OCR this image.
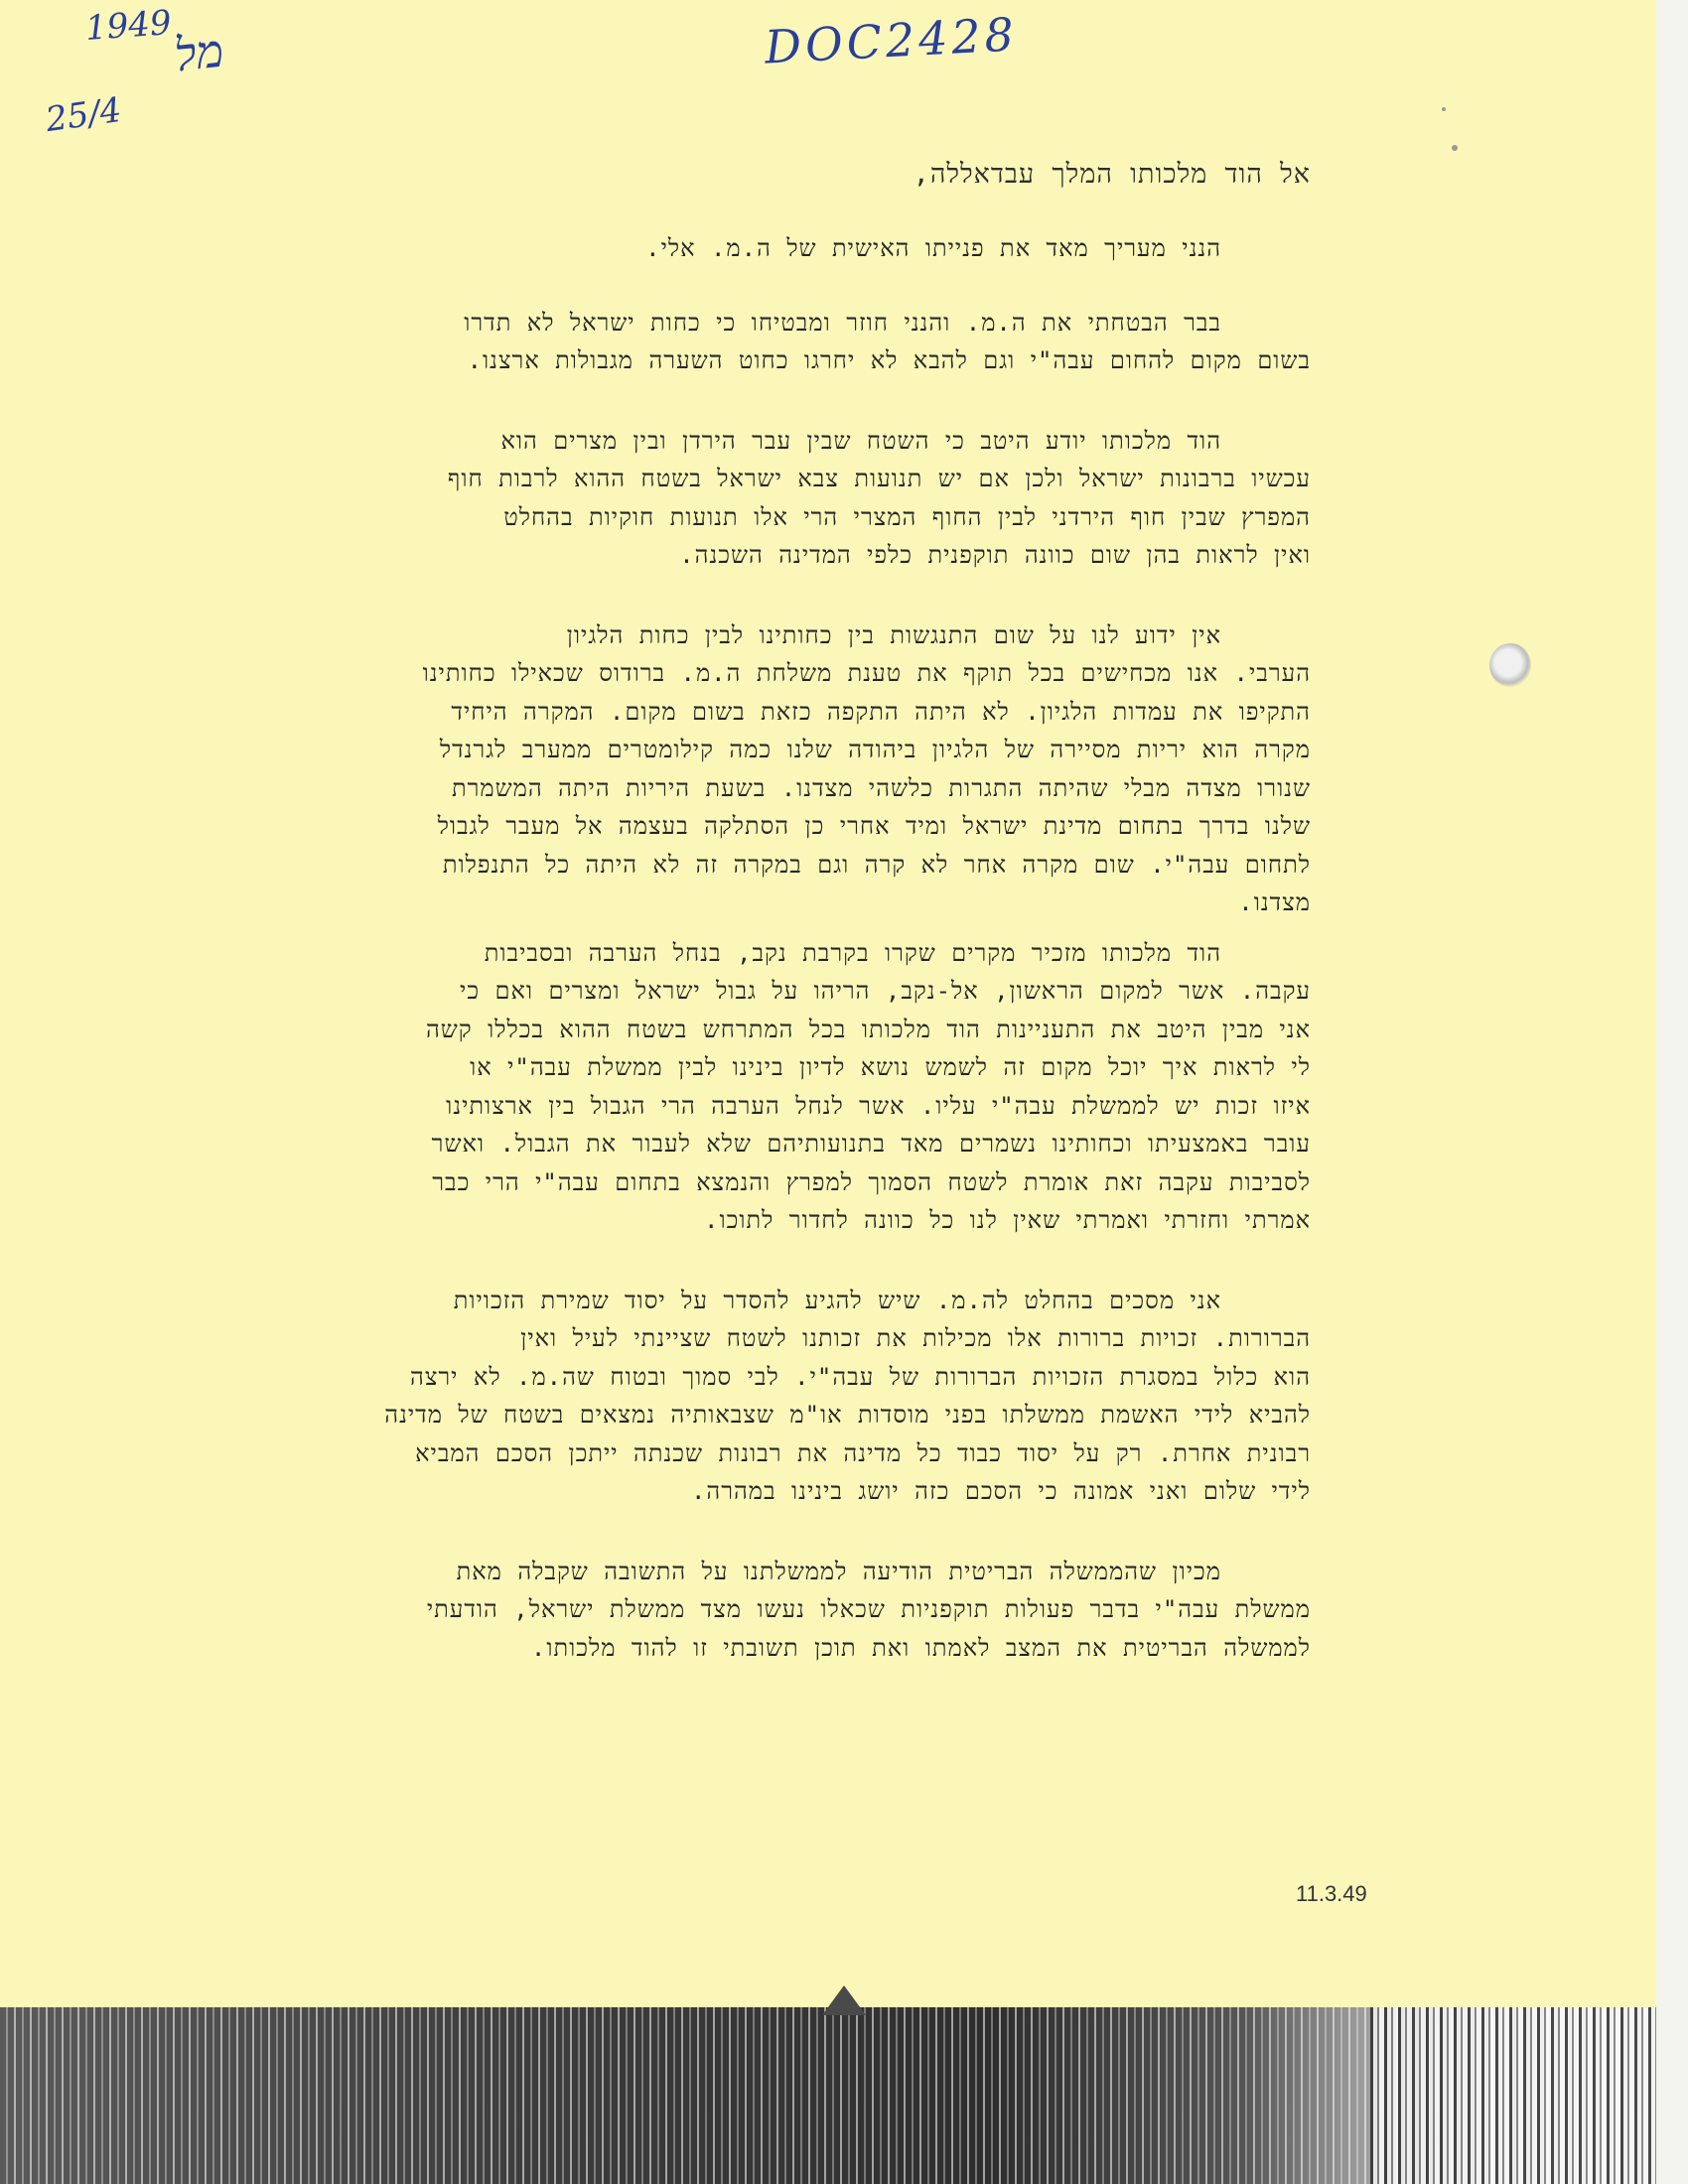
DOC2428
1949
25/4
מל
אל הוד מלכותו המלך עבדאללה,
הנני מעריך מאד את פנייתו האישית של ה.מ. אלי.

בבר הבטחתי את ה.מ. והנני חוזר ומבטיחו כי כחות ישראל לא תדרו

בשום מקום להחום עבה"י וגם להבא לא יחרגו כחוט השערה מגבולות ארצנו.

הוד מלכותו יודע היטב כי השטח שבין עבר הירדן ובין מצרים הוא

עכשיו ברבונות ישראל ולכן אם יש תנועות צבא ישראל בשטח ההוא לרבות חוף

המפרץ שבין חוף הירדני לבין החוף המצרי הרי אלו תנועות חוקיות בהחלט

ואין לראות בהן שום כוונה תוקפנית כלפי המדינה השכנה.

אין ידוע לנו על שום התנגשות בין כחותינו לבין כחות הלגיון

הערבי. אנו מכחישים בכל תוקף את טענת משלחת ה.מ. ברודוס שכאילו כחותינו

התקיפו את עמדות הלגיון. לא היתה התקפה כזאת בשום מקום. המקרה היחיד

מקרה הוא יריות מסיירה של הלגיון ביהודה שלנו כמה קילומטרים ממערב לגרנדל

שנורו מצדה מבלי שהיתה התגרות כלשהי מצדנו. בשעת היריות היתה המשמרת

שלנו בדרך בתחום מדינת ישראל ומיד אחרי כן הסתלקה בעצמה אל מעבר לגבול

לתחום עבה"י. שום מקרה אחר לא קרה וגם במקרה זה לא היתה כל התנפלות

מצדנו.

הוד מלכותו מזכיר מקרים שקרו בקרבת נקב, בנחל הערבה ובסביבות

עקבה. אשר למקום הראשון, אל-נקב, הריהו על גבול ישראל ומצרים ואם כי

אני מבין היטב את התעניינות הוד מלכותו בכל המתרחש בשטח ההוא בכללו קשה

לי לראות איך יוכל מקום זה לשמש נושא לדיון בינינו לבין ממשלת עבה"י או

איזו זכות יש לממשלת עבה"י עליו. אשר לנחל הערבה הרי הגבול בין ארצותינו

עובר באמצעיתו וכחותינו נשמרים מאד בתנועותיהם שלא לעבור את הגבול. ואשר

לסביבות עקבה זאת אומרת לשטח הסמוך למפרץ והנמצא בתחום עבה"י הרי כבר

אמרתי וחזרתי ואמרתי שאין לנו כל כוונה לחדור לתוכו.

אני מסכים בהחלט לה.מ. שיש להגיע להסדר על יסוד שמירת הזכויות

הברורות. זכויות ברורות אלו מכילות את זכותנו לשטח שציינתי לעיל ואין

הוא כלול במסגרת הזכויות הברורות של עבה"י. לבי סמוך ובטוח שה.מ. לא ירצה

להביא לידי האשמת ממשלתו בפני מוסדות או"מ שצבאותיה נמצאים בשטח של מדינה

רבונית אחרת. רק על יסוד כבוד כל מדינה את רבונות שכנתה ייתכן הסכם המביא

לידי שלום ואני אמונה כי הסכם כזה יושג בינינו במהרה.

מכיון שהממשלה הבריטית הודיעה לממשלתנו על התשובה שקבלה מאת

ממשלת עבה"י בדבר פעולות תוקפניות שכאלו נעשו מצד ממשלת ישראל, הודעתי

לממשלה הבריטית את המצב לאמתו ואת תוכן תשובתי זו להוד מלכותו.

11.3.49
